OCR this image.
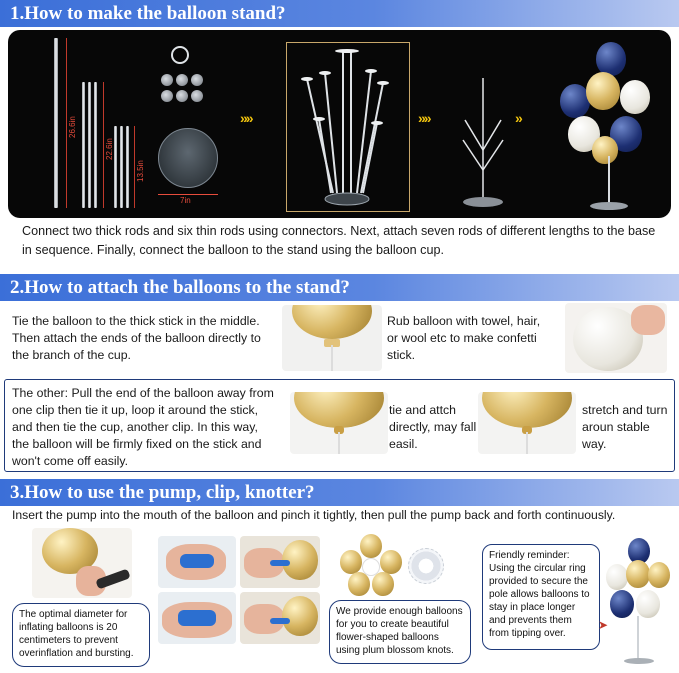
1.How to make the balloon stand?
26.6in
22.6in
13.5in
7in
»»	»»	»
Connect two thick rods and six thin rods using connectors. Next, attach seven rods of different lengths to the base in sequence. Finally, connect the balloon to the stand using the balloon cup.
2.How to attach the balloons to the stand?
Tie the balloon to the thick stick in the middle. Then attach the ends of the balloon directly to the branch of the cup.
Rub balloon with towel, hair, or wool etc to make confetti stick.
The other: Pull the end of the balloon away from one clip then tie it up, loop it around the stick, and then tie the cup, another clip. In this way, the balloon will be firmly fixed on the stick and won't come off easily.
tie and attch directly, may fall easil.
stretch and turn aroun stable way.
3.How to use the pump, clip, knotter?
Insert the pump into the mouth of the balloon and pinch it tightly, then pull the pump back and forth continuously.
The optimal diameter for inflating balloons is 20 centimeters to prevent overinflation and bursting.
We provide enough balloons for you to create beautiful flower-shaped balloons using plum blossom knots.
Friendly reminder: Using the circular ring provided to secure the pole allows balloons to stay in place longer and prevents them from tipping over.
➤
